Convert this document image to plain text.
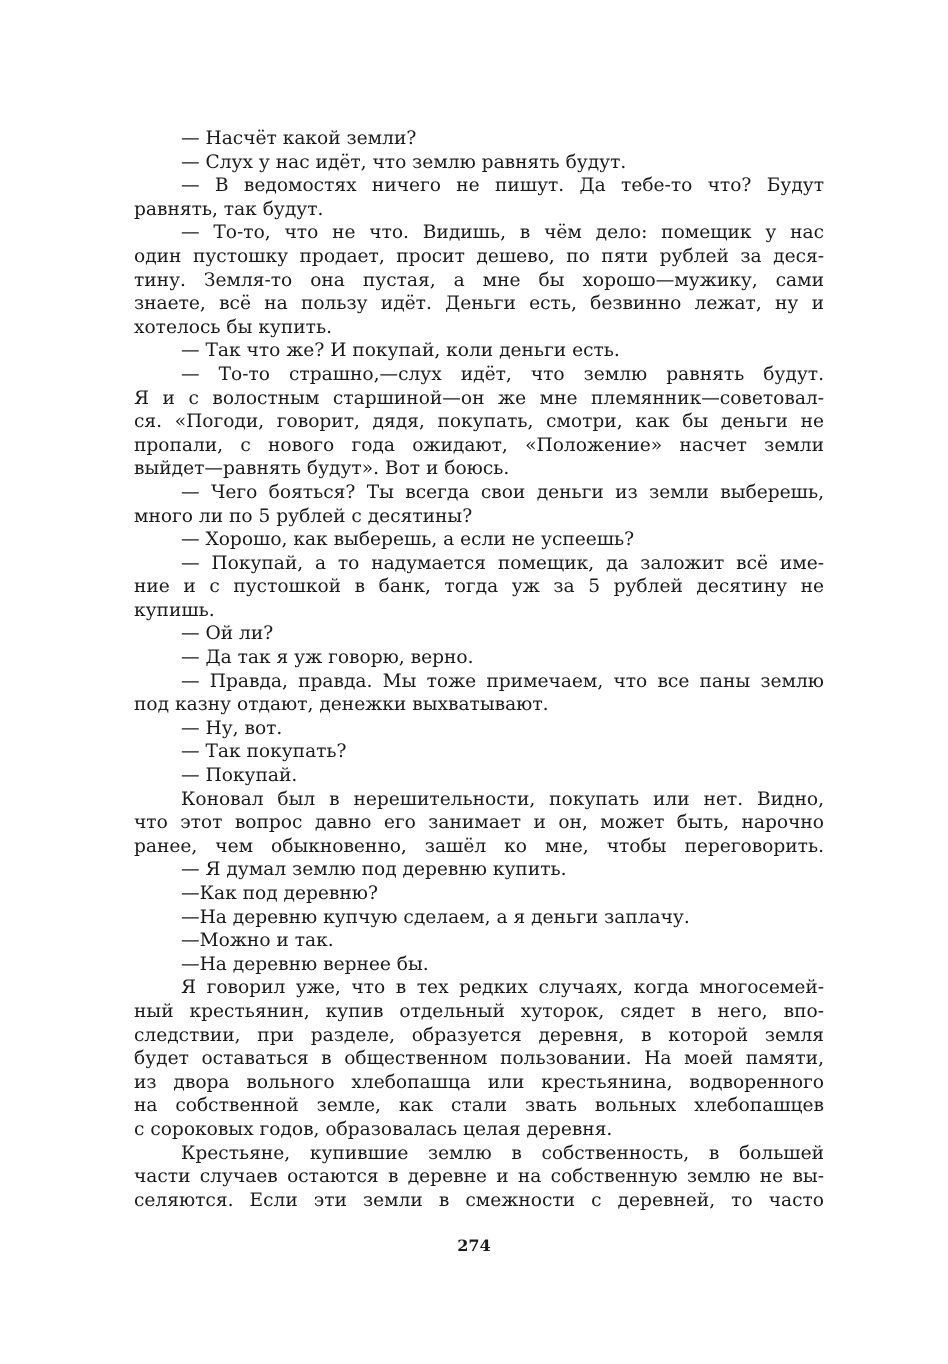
— Насчёт какой земли?
— Слух у нас идёт, что землю равнять будут.
— В ведомостях ничего не пишут. Да тебе-то что? Будут
равнять, так будут.
— То-то, что не что. Видишь, в чём дело: помещик у нас
один пустошку продает, просит дешево, по пяти рублей за деся-
тину. Земля-то она пустая, а мне бы хорошо—мужику, сами
знаете, всё на пользу идёт. Деньги есть, безвинно лежат, ну и
хотелось бы купить.
— Так что же? И покупай, коли деньги есть.
— То-то страшно,—слух идёт, что землю равнять будут.
Я и с волостным старшиной—он же мне племянник—советовал-
ся. «Погоди, говорит, дядя, покупать, смотри, как бы деньги не
пропали, с нового года ожидают, «Положение» насчет земли
выйдет—равнять будут». Вот и боюсь.
— Чего бояться? Ты всегда свои деньги из земли выберешь,
много ли по 5 рублей с десятины?
— Хорошо, как выберешь, а если не успеешь?
— Покупай, а то надумается помещик, да заложит всё име-
ние и с пустошкой в банк, тогда уж за 5 рублей десятину не
купишь.
— Ой ли?
— Да так я уж говорю, верно.
— Правда, правда. Мы тоже примечаем, что все паны землю
под казну отдают, денежки выхватывают.
— Ну, вот.
— Так покупать?
— Покупай.
Коновал был в нерешительности, покупать или нет. Видно,
что этот вопрос давно его занимает и он, может быть, нарочно
ранее, чем обыкновенно, зашёл ко мне, чтобы переговорить.
— Я думал землю под деревню купить.
—Как под деревню?
—На деревню купчую сделаем, а я деньги заплачу.
—Можно и так.
—На деревню вернее бы.
Я говорил уже, что в тех редких случаях, когда многосемей-
ный крестьянин, купив отдельный хуторок, сядет в него, впо-
следствии, при разделе, образуется деревня, в которой земля
будет оставаться в общественном пользовании. На моей памяти,
из двора вольного хлебопашца или крестьянина, водворенного
на собственной земле, как стали звать вольных хлебопашцев
с сороковых годов, образовалась целая деревня.
Крестьяне, купившие землю в собственность, в большей
части случаев остаются в деревне и на собственную землю не вы-
селяются. Если эти земли в смежности с деревней, то часто
274
